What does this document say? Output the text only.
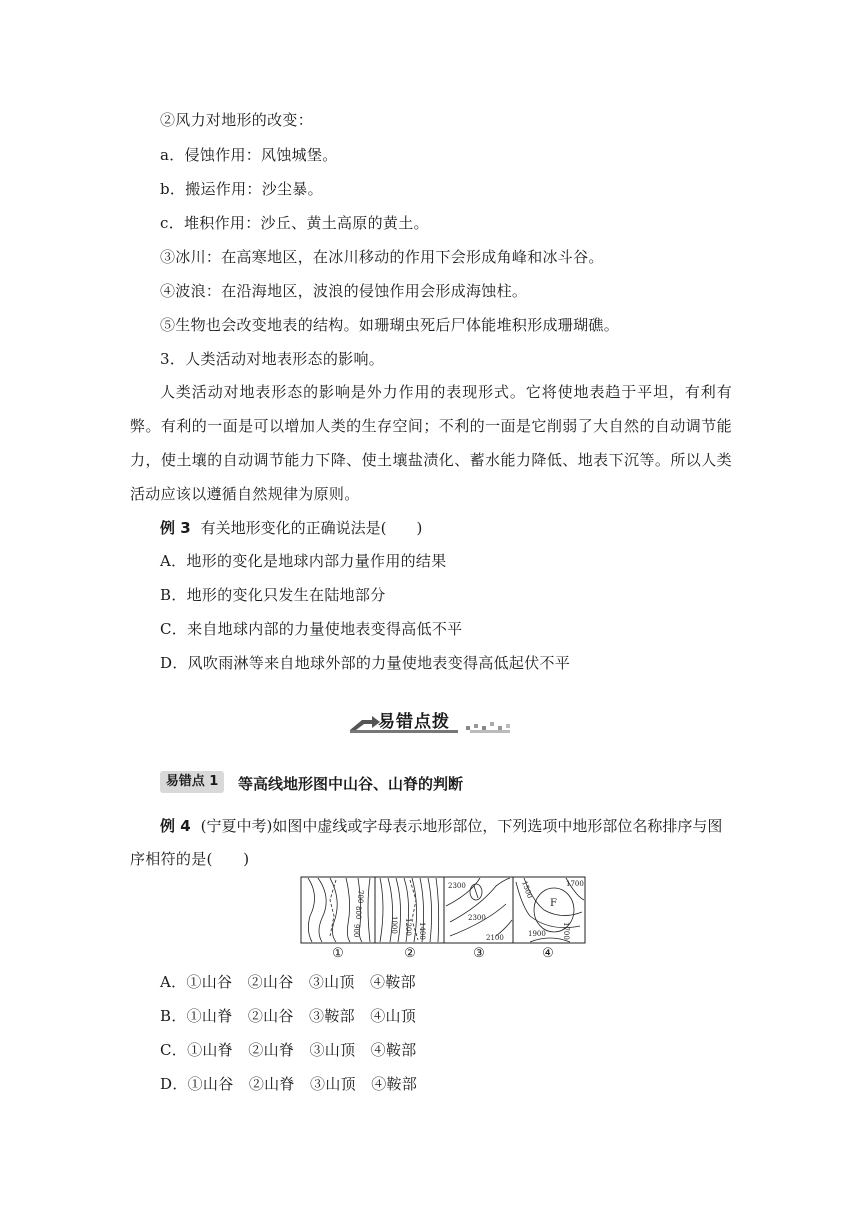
②风力对地形的改变：
a．侵蚀作用：风蚀城堡。
b．搬运作用：沙尘暴。
c．堆积作用：沙丘、黄土高原的黄土。
③冰川：在高寒地区，在冰川移动的作用下会形成角峰和冰斗谷。
④波浪：在沿海地区，波浪的侵蚀作用会形成海蚀柱。
⑤生物也会改变地表的结构。如珊瑚虫死后尸体能堆积形成珊瑚礁。
3．人类活动对地表形态的影响。
人类活动对地表形态的影响是外力作用的表现形式。它将使地表趋于平坦，有利有弊。有利的一面是可以增加人类的生存空间；不利的一面是它削弱了大自然的自动调节能力，使土壤的自动调节能力下降、使土壤盐渍化、蓄水能力降低、地表下沉等。所以人类活动应该以遵循自然规律为原则。
例 3 有关地形变化的正确说法是(　　)
A．地形的变化是地球内部力量作用的结果
B．地形的变化只发生在陆地部分
C．来自地球内部的力量使地表变得高低不平
D．风吹雨淋等来自地球外部的力量使地表变得高低起伏不平
易错点拨
易错点 1	等高线地形图中山谷、山脊的判断
例 4 (宁夏中考)如图中虚线或字母表示地形部位，下列选项中地形部位名称排序与图
序相符的是(　　)
700
800
900	1000 1200 1400
2300
2300
2100
1500	1700
F
1900 1700
①	②	③	④
A．①山谷　②山谷　③山顶　④鞍部
B．①山脊　②山谷　③鞍部　④山顶
C．①山脊　②山脊　③山顶　④鞍部
D．①山谷　②山脊　③山顶　④鞍部
